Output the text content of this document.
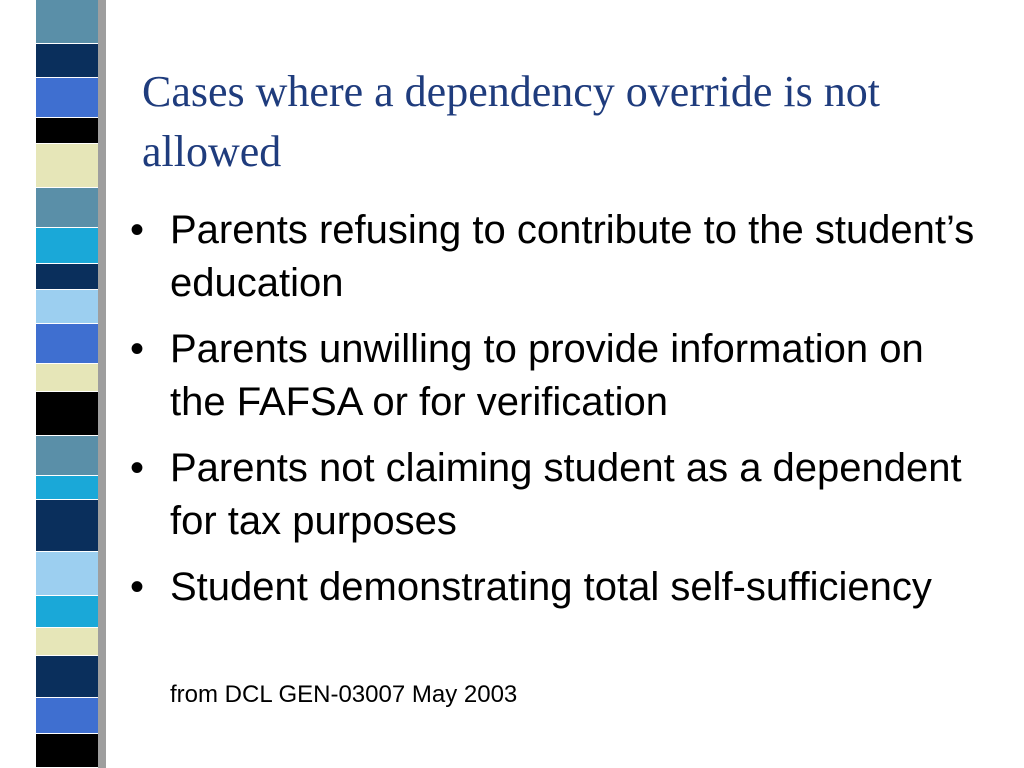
Cases where a dependency override is not allowed
• Parents refusing to contribute to the student’s education
• Parents unwilling to provide information on the FAFSA or for verification
• Parents not claiming student as a dependent for tax purposes
• Student demonstrating total self-sufficiency

from DCL GEN-03007 May 2003
